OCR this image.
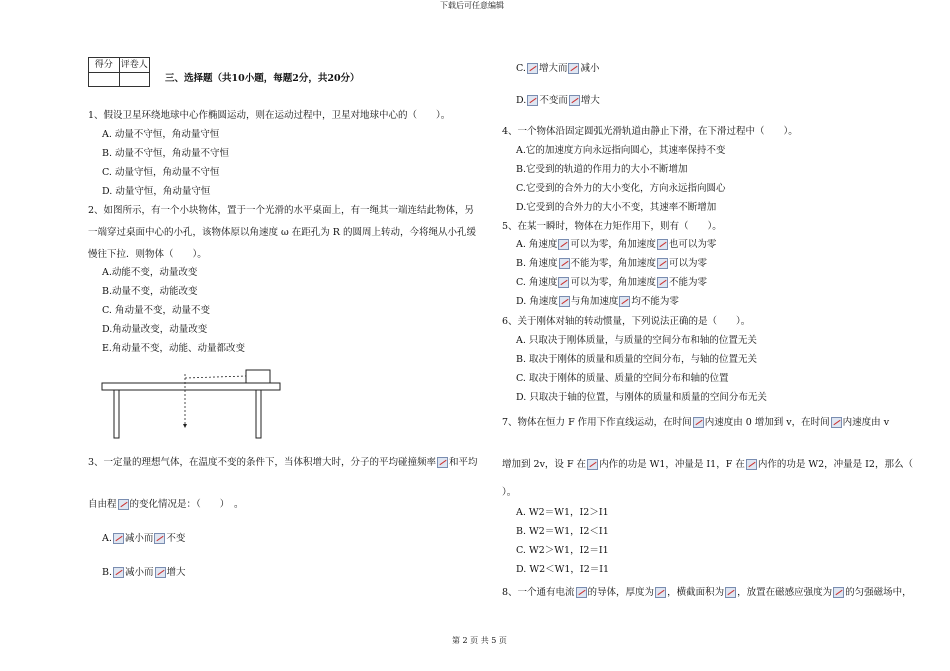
下载后可任意编辑
得分 评卷人
三、选择题（共10小题，每题2分，共20分）
1、假设卫星环绕地球中心作椭圆运动，则在运动过程中，卫星对地球中心的（　　）。
A. 动量不守恒，角动量守恒
B. 动量不守恒，角动量不守恒
C. 动量守恒，角动量不守恒
D. 动量守恒，角动量守恒
2、如图所示，有一个小块物体，置于一个光滑的水平桌面上，有一绳其一端连结此物体，另
一端穿过桌面中心的小孔，该物体原以角速度 ω 在距孔为 R 的圆周上转动，今将绳从小孔缓
慢往下拉．则物体（　　）。
A.动能不变，动量改变
B.动量不变，动能改变
C. 角动量不变，动量不变
D.角动量改变，动量改变
E.角动量不变，动能、动量都改变
3、一定量的理想气体，在温度不变的条件下，当体积增大时，分子的平均碰撞频率 和平均
自由程 的变化情况是：（　　）　。
A. 减小而 不变
B. 减小而 增大
C. 增大而 减小
D. 不变而 增大
4、一个物体沿固定圆弧光滑轨道由静止下滑，在下滑过程中（　　）。
A.它的加速度方向永远指向圆心，其速率保持不变
B.它受到的轨道的作用力的大小不断增加
C.它受到的合外力的大小变化，方向永远指向圆心
D.它受到的合外力的大小不变，其速率不断增加
5、在某一瞬时，物体在力矩作用下，则有（　　）。
A. 角速度 可以为零，角加速度 也可以为零
B. 角速度 不能为零，角加速度 可以为零
C. 角速度 可以为零，角加速度 不能为零
D. 角速度 与角加速度 均不能为零
6、关于刚体对轴的转动惯量，下列说法正确的是（　　）。
A. 只取决于刚体质量，与质量的空间分布和轴的位置无关
B. 取决于刚体的质量和质量的空间分布，与轴的位置无关
C. 取决于刚体的质量、质量的空间分布和轴的位置
D. 只取决于轴的位置，与刚体的质量和质量的空间分布无关
7、物体在恒力 F 作用下作直线运动，在时间 内速度由 0 增加到 v，在时间 内速度由 v
增加到 2v，设 F 在 内作的功是 W1，冲量是 I1，F 在 内作的功是 W2，冲量是 I2，那么（
）。
A. W2＝W1，I2＞I1
B. W2＝W1，I2＜I1
C. W2＞W1，I2＝I1
D. W2＜W1，I2＝I1
8、一个通有电流 的导体，厚度为 ，横截面积为 ，放置在磁感应强度为 的匀强磁场中，
第 2 页 共 5 页
